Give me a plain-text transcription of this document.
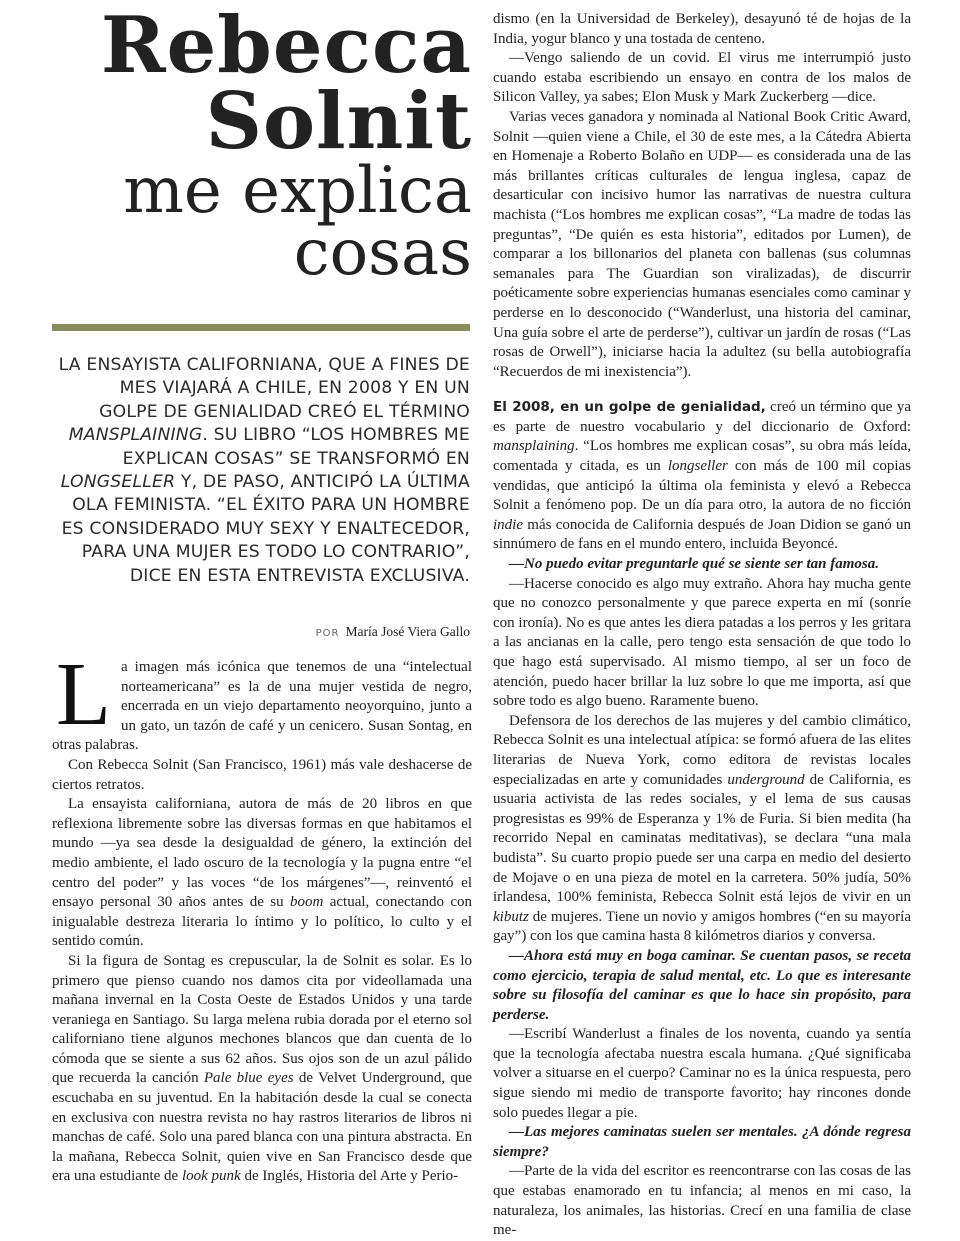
Rebecca
Solnit
me explica
cosas
LA ENSAYISTA CALIFORNIANA, QUE A FINES DE MES VIAJARÁ A CHILE, EN 2008 Y EN UN GOLPE DE GENIALIDAD CREÓ EL TÉRMINO MANSPLAINING. SU LIBRO “LOS HOMBRES ME EXPLICAN COSAS” SE TRANSFORMÓ EN LONGSELLER Y, DE PASO, ANTICIPÓ LA ÚLTIMA OLA FEMINISTA. “EL ÉXITO PARA UN HOMBRE ES CONSIDERADO MUY SEXY Y ENALTECEDOR, PARA UNA MUJER ES TODO LO CONTRARIO”, DICE EN ESTA ENTREVISTA EXCLUSIVA.
POR María José Viera Gallo

La imagen más icónica que tenemos de una “intelectual norteamericana” es la de una mujer vestida de negro, encerrada en un viejo departamento neoyorquino, junto a un gato, un tazón de café y un cenicero. Susan Sontag, en otras palabras.

Con Rebecca Solnit (San Francisco, 1961) más vale deshacerse de ciertos retratos.

La ensayista californiana, autora de más de 20 libros en que reflexiona libremente sobre las diversas formas en que habitamos el mundo —ya sea desde la desigualdad de género, la extinción del medio ambiente, el lado oscuro de la tecnología y la pugna entre “el centro del poder” y las voces “de los márgenes”—, reinventó el ensayo personal 30 años antes de su boom actual, conectando con inigualable destreza literaria lo íntimo y lo político, lo culto y el sentido común.

Si la figura de Sontag es crepuscular, la de Solnit es solar. Es lo primero que pienso cuando nos damos cita por videollamada una mañana invernal en la Costa Oeste de Estados Unidos y una tarde veraniega en Santiago. Su larga melena rubia dorada por el eterno sol californiano tiene algunos mechones blancos que dan cuenta de lo cómoda que se siente a sus 62 años. Sus ojos son de un azul pálido que recuerda la canción Pale blue eyes de Velvet Underground, que escuchaba en su juventud. En la habitación desde la cual se conecta en exclusiva con nuestra revista no hay rastros literarios de libros ni manchas de café. Solo una pared blanca con una pintura abstracta. En la mañana, Rebecca Solnit, quien vive en San Francisco desde que era una estudiante de look punk de Inglés, Historia del Arte y Perio-

dismo (en la Universidad de Berkeley), desayunó té de hojas de la India, yogur blanco y una tostada de centeno.

—Vengo saliendo de un covid. El virus me interrumpió justo cuando estaba escribiendo un ensayo en contra de los malos de Silicon Valley, ya sabes; Elon Musk y Mark Zuckerberg —dice.

Varias veces ganadora y nominada al National Book Critic Award, Solnit —quien viene a Chile, el 30 de este mes, a la Cátedra Abierta en Homenaje a Roberto Bolaño en UDP— es considerada una de las más brillantes críticas culturales de lengua inglesa, capaz de desarticular con incisivo humor las narrativas de nuestra cultura machista (“Los hombres me explican cosas”, “La madre de todas las preguntas”, “De quién es esta historia”, editados por Lumen), de comparar a los billonarios del planeta con ballenas (sus columnas semanales para The Guardian son viralizadas), de discurrir poéticamente sobre experiencias humanas esenciales como caminar y perderse en lo desconocido (“Wanderlust, una historia del caminar, Una guía sobre el arte de perderse”), cultivar un jardín de rosas (“Las rosas de Orwell”), iniciarse hacia la adultez (su bella autobiografía “Recuerdos de mi inexistencia”).

El 2008, en un golpe de genialidad, creó un término que ya es parte de nuestro vocabulario y del diccionario de Oxford: mansplaining. “Los hombres me explican cosas”, su obra más leída, comentada y citada, es un longseller con más de 100 mil copias vendidas, que anticipó la última ola feminista y elevó a Rebecca Solnit a fenómeno pop. De un día para otro, la autora de no ficción indie más conocida de California después de Joan Didion se ganó un sinnúmero de fans en el mundo entero, incluida Beyoncé.

—No puedo evitar preguntarle qué se siente ser tan famosa.

—Hacerse conocido es algo muy extraño. Ahora hay mucha gente que no conozco personalmente y que parece experta en mí (sonríe con ironía). No es que antes les diera patadas a los perros y les gritara a las ancianas en la calle, pero tengo esta sensación de que todo lo que hago está supervisado. Al mismo tiempo, al ser un foco de atención, puedo hacer brillar la luz sobre lo que me importa, así que sobre todo es algo bueno. Raramente bueno.

Defensora de los derechos de las mujeres y del cambio climático, Rebecca Solnit es una intelectual atípica: se formó afuera de las elites literarias de Nueva York, como editora de revistas locales especializadas en arte y comunidades underground de California, es usuaria activista de las redes sociales, y el lema de sus causas progresistas es 99% de Esperanza y 1% de Furia. Si bien medita (ha recorrido Nepal en caminatas meditativas), se declara “una mala budista”. Su cuarto propio puede ser una carpa en medio del desierto de Mojave o en una pieza de motel en la carretera. 50% judía, 50% irlandesa, 100% feminista, Rebecca Solnit está lejos de vivir en un kibutz de mujeres. Tiene un novio y amigos hombres (“en su mayoría gay”) con los que camina hasta 8 kilómetros diarios y conversa.

—Ahora está muy en boga caminar. Se cuentan pasos, se receta como ejercicio, terapia de salud mental, etc. Lo que es interesante sobre su filosofía del caminar es que lo hace sin propósito, para perderse.

—Escribí Wanderlust a finales de los noventa, cuando ya sentía que la tecnología afectaba nuestra escala humana. ¿Qué significaba volver a situarse en el cuerpo? Caminar no es la única respuesta, pero sigue siendo mi medio de transporte favorito; hay rincones donde solo puedes llegar a pie.

—Las mejores caminatas suelen ser mentales. ¿A dónde regresa siempre?

—Parte de la vida del escritor es reencontrarse con las cosas de las que estabas enamorado en tu infancia; al menos en mi caso, la naturaleza, los animales, las historias. Crecí en una familia de clase me-
